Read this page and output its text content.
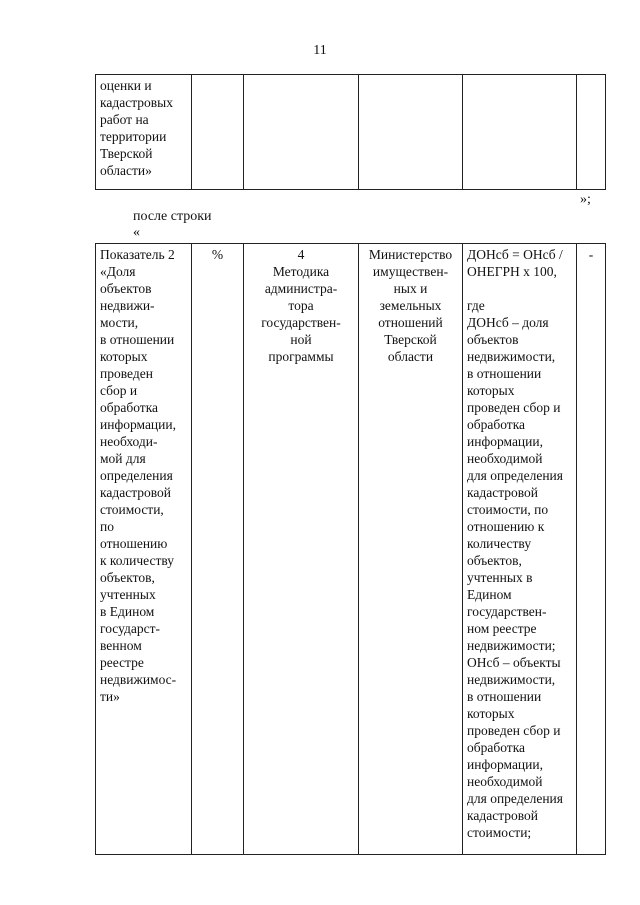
11
оценки и
кадастровых
работ на
территории
Тверской
области»					
»;
после строки
«
Показатель 2
«Доля
объектов
недвижи-
мости,
в отношении
которых
проведен
сбор и
обработка
информации,
необходи-
мой для
определения
кадастровой
стоимости,
по
отношению
к количеству
объектов,
учтенных
в Едином
государст-
венном
реестре
недвижимос-
ти»	%	4
Методика
администра-
тора
государствен-
ной
программы	Министерство
имуществен-
ных и
земельных
отношений
Тверской
области	ДОНсб = ОНсб /
ОНЕГРН х 100,

где
ДОНсб – доля
объектов
недвижимости,
в отношении
которых
проведен сбор и
обработка
информации,
необходимой
для определения
кадастровой
стоимости, по
отношению к
количеству
объектов,
учтенных в
Едином
государствен-
ном реестре
недвижимости;
ОНсб – объекты
недвижимости,
в отношении
которых
проведен сбор и
обработка
информации,
необходимой
для определения
кадастровой
стоимости;	-
